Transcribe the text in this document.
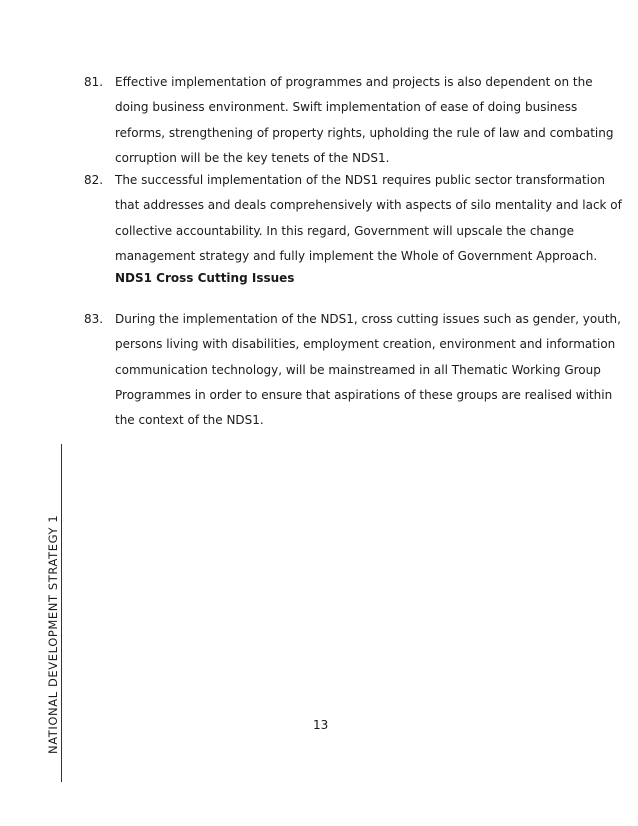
81. Effective implementation of programmes and projects is also dependent on the
doing business environment. Swift implementation of ease of doing business
reforms, strengthening of property rights, upholding the rule of law and combating
corruption will be the key tenets of the NDS1.
82. The successful implementation of the NDS1 requires public sector transformation
that addresses and deals comprehensively with aspects of silo mentality and lack of
collective accountability. In this regard, Government will upscale the change
management strategy and fully implement the Whole of Government Approach.
NDS1 Cross Cutting Issues
83. During the implementation of the NDS1, cross cutting issues such as gender, youth,
persons living with disabilities, employment creation, environment and information
communication technology, will be mainstreamed in all Thematic Working Group
Programmes in order to ensure that aspirations of these groups are realised within
the context of the NDS1.
NATIONAL DEVELOPMENT STRATEGY 1	13
